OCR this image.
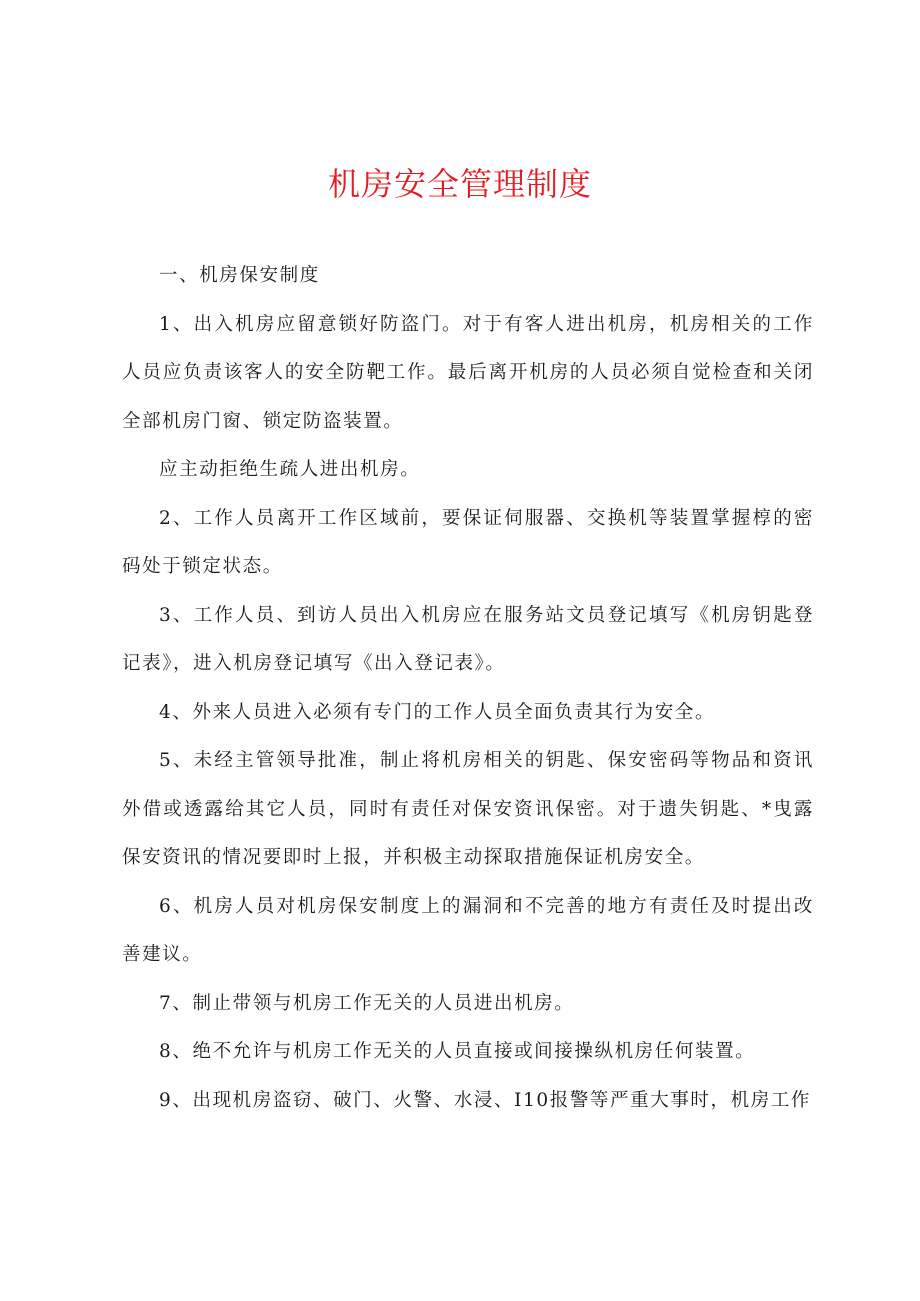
机房安全管理制度

一、机房保安制度

1、出入机房应留意锁好防盗门。对于有客人进出机房，机房相关的工作人员应负责该客人的安全防靶工作。最后离开机房的人员必须自觉检查和关闭全部机房门窗、锁定防盗装置。

应主动拒绝生疏人进出机房。

2、工作人员离开工作区域前，要保证伺服器、交换机等装置掌握椁的密码处于锁定状态。

3、工作人员、到访人员出入机房应在服务站文员登记填写《机房钥匙登记表》，进入机房登记填写《出入登记表》。

4、外来人员进入必须有专门的工作人员全面负责其行为安全。

5、未经主管领导批准，制止将机房相关的钥匙、保安密码等物品和资讯外借或透露给其它人员，同时有责任对保安资讯保密。对于遗失钥匙、*曳露保安资讯的情况要即时上报，并积极主动探取措施保证机房安全。

6、机房人员对机房保安制度上的漏洞和不完善的地方有责任及时提出改善建议。

7、制止带领与机房工作无关的人员进出机房。

8、绝不允许与机房工作无关的人员直接或间接操纵机房任何装置。

9、出现机房盗窃、破门、火警、水浸、I10报警等严重大事时，机房工作
